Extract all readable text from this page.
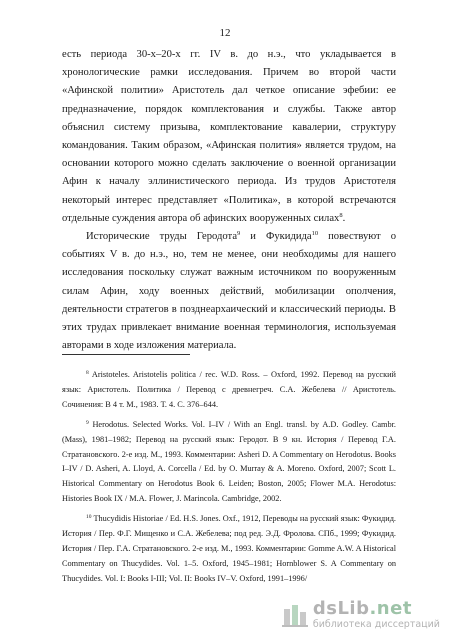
12

есть периода 30-х–20-х гг. IV в. до н.э., что укладывается в хронологические рамки исследования. Причем во второй части «Афинской политии» Аристотель дал четкое описание эфебии: ее предназначение, порядок комплектования и службы. Также автор объяснил систему призыва, комплектование кавалерии, структуру командования. Таким образом, «Афинская полития» является трудом, на основании которого можно сделать заключение о военной организации Афин к началу эллинистического периода. Из трудов Аристотеля некоторый интерес представляет «Политика», в которой встречаются отдельные суждения автора об афинских вооруженных силах$^8$.

Исторические труды Геродота$^9$ и Фукидида$^{10}$ повествуют о событиях V в. до н.э., но, тем не менее, они необходимы для нашего исследования поскольку служат важным источником по вооруженным силам Афин, ходу военных действий, мобилизации ополчения, деятельности стратегов в позднеархаический и классический периоды. В этих трудах привлекает внимание военная терминология, используемая авторами в ходе изложения материала.

$^8$ Aristoteles. Aristotelis politica / rec. W.D. Ross. – Oxford, 1992. Перевод на русский язык: Аристотель. Политика / Перевод с древнегреч. С.А. Жебелева // Аристотель. Сочинения: В 4 т. М., 1983. Т. 4. С. 376–644.

$^9$ Herodotus. Selected Works. Vol. I–IV / With an Engl. transl. by A.D. Godley. Cambr. (Mass), 1981–1982; Перевод на русский язык: Геродот. В 9 кн. История / Перевод Г.А. Стратановского. 2-е изд. М., 1993. Комментарии: Asheri D. A Commentary on Herodotus. Books I–IV / D. Asheri, A. Lloyd, A. Corcella / Ed. by O. Murray & A. Moreno. Oxford, 2007; Scott L. Historical Commentary on Herodotus Book 6. Leiden; Boston, 2005; Flower M.A. Herodotus: Histories Book IX / M.A. Flower, J. Marincola. Cambridge, 2002.

$^{10}$ Thucydidis Historiae / Ed. H.S. Jones. Oxf., 1912, Переводы на русский язык: Фукидид. История / Пер. Ф.Г. Мищенко и С.А. Жебелева; под ред. Э.Д. Фролова. СПб., 1999; Фукидид. История / Пер. Г.А. Стратановского. 2-е изд. М., 1993. Комментарии: Gomme A.W. A Historical Commentary on Thucydides. Vol. 1–5. Oxford, 1945–1981; Hornblower S. A Commentary on Thucydides. Vol. I: Books I-III; Vol. II: Books IV–V. Oxford, 1991–1996/

dsLib.net
библиотека диссертаций
